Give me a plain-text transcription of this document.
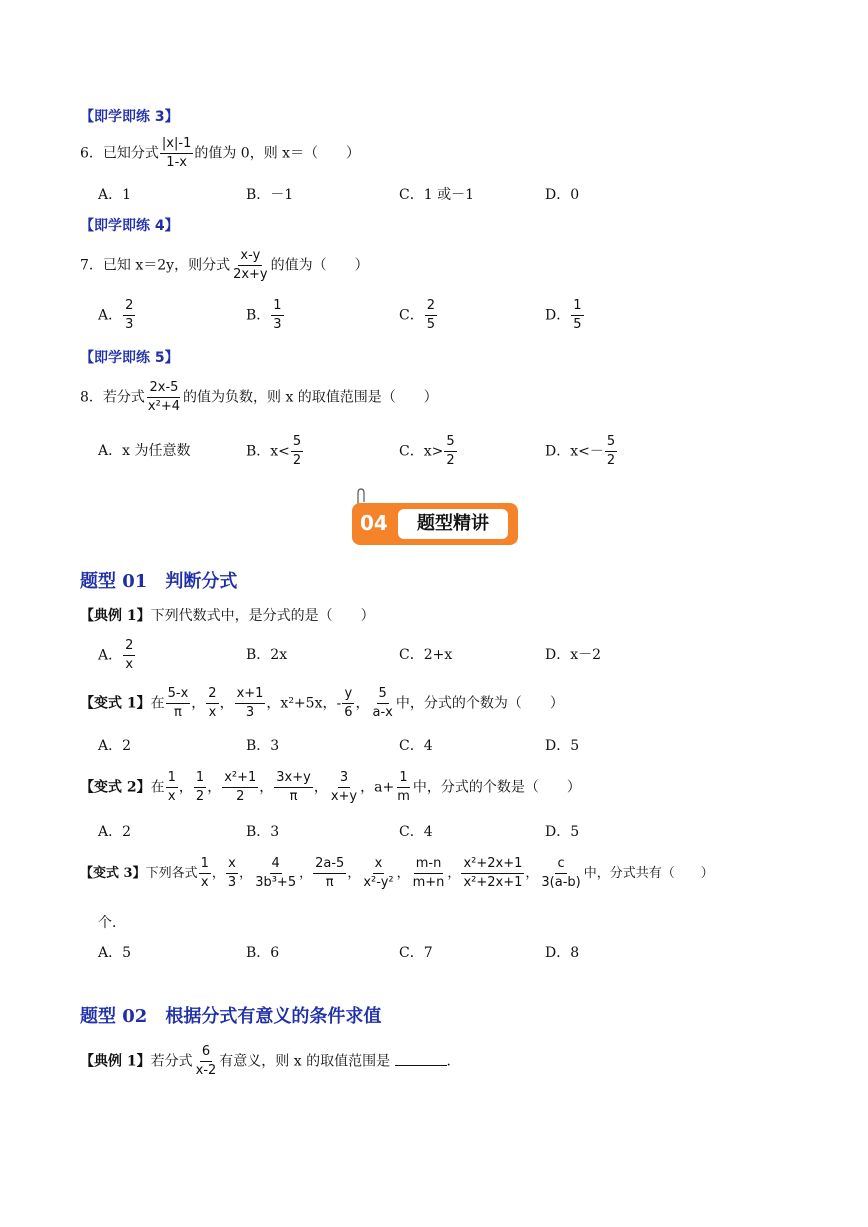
【即学即练 3】
6．已知分式 $\frac{|x|-1}{1-x}$ 的值为 0，则 x＝（　　）
A．1	B．－1	C．1 或－1	D．0
【即学即练 4】
7．已知 x＝2y，则分式 $\frac{x-y}{2x+y}$ 的值为（　　）
A． $\frac{2}{3}$	B． $\frac{1}{3}$	C． $\frac{2}{5}$	D． $\frac{1}{5}$
【即学即练 5】
8．若分式 $\frac{2x-5}{\text{x²+4}}$ 的值为负数，则 x 的取值范围是（　　）
A．x 为任意数	B．$x< \frac{5}{2}$	C．$x> \frac{5}{2}$	D．$x<- \frac{5}{2}$
04	题型精讲
题型 01　判断分式
【典例 1】下列代数式中，是分式的是（　　）
A． $\frac{2}{x}$	B．2x	C．2+x	D．x－2
【变式 1】在 $\frac{5-x}{\pi}$ ， $\frac{2}{x}$ ， $\frac{x+1}{3}$ ，x²+5x，- $\frac{y}{6}$ ， $\frac{5}{a-x}$ 中，分式的个数为（　　）
A．2	B．3	C．4	D．5
【变式 2】在 $\frac{1}{x}$ ， $\frac{1}{2}$ ， $\frac{\text{x²+1}}{2}$ ， $\frac{3x+y}{\pi}$ ， $\frac{3}{x+y}$ ，$a+ \frac{1}{m}$ 中，分式的个数是（　　）
A．2	B．3	C．4	D．5
【变式 3】下列各式 $\frac{1}{x}$ ， $\frac{x}{3}$ ， $\frac{4}{\text{3b³+5}}$ ， $\frac{2a-5}{\pi}$ ， $\frac{x}{\text{x²-y²}}$ ， $\frac{m-n}{m+n}$ ， $\frac{\text{x²+2x+1}}{\text{x²+2x+1}}$ ， $\frac{c}{3(a-b)}$ 中，分式共有（　　）
个．
A．5	B．6	C．7	D．8
题型 02　根据分式有意义的条件求值
【典例 1】若分式 $\frac{6}{x-2}$ 有意义，则 x 的取值范围是	．
